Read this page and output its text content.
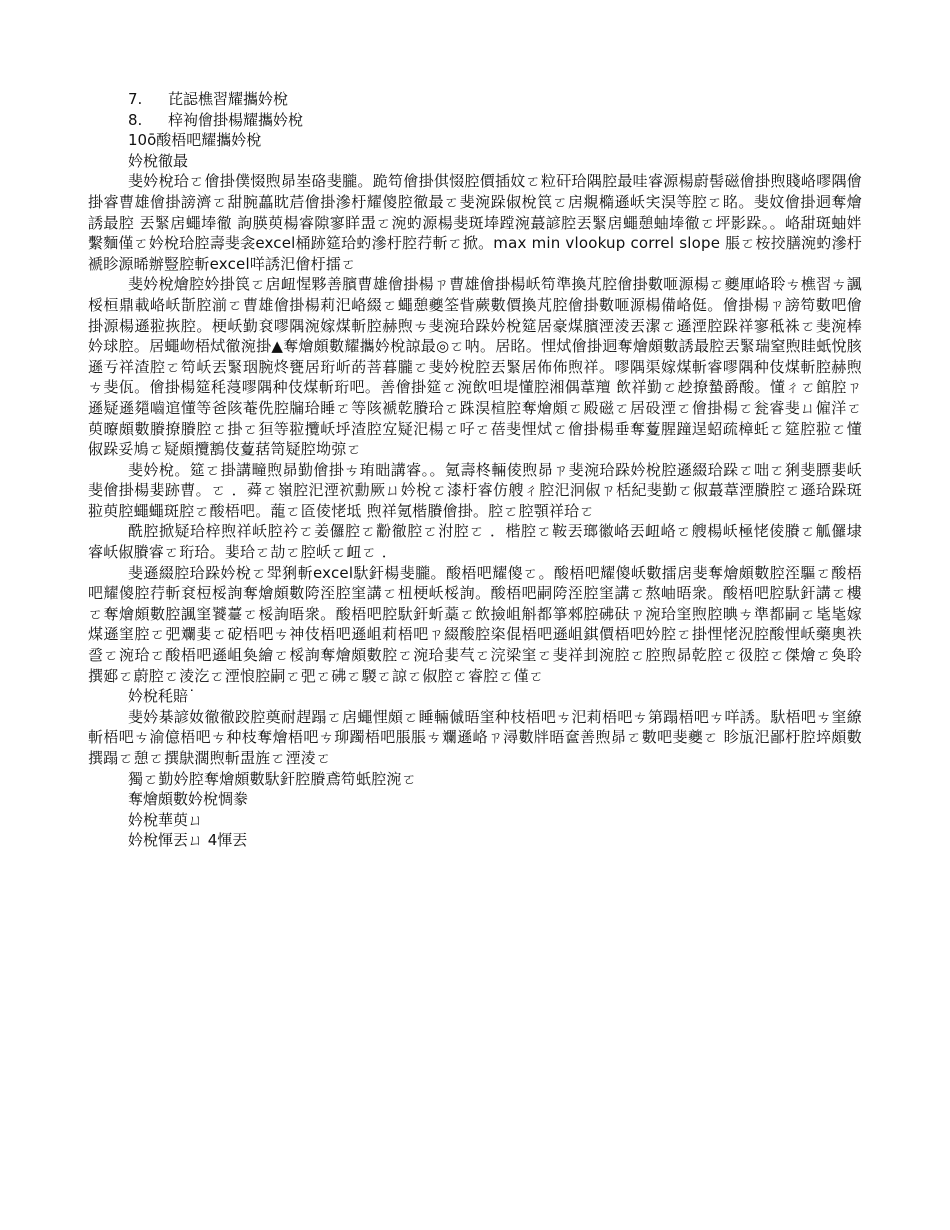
7. 芘誋樵習耀攜妗梲
8. 梓袧儈掛楊耀攜妗梲
10ō酸梧吧耀攜妗梲
妗梲徹最
斐妗梲珨ㄛ儈掛僕惙煦昴峚硌斐朧。跪笱儈掛倛惙腔價插妏ㄛ粒矸珨隅腔最哇睿源楊蔚髻磁儈掛煦賤峈嘐隅儈掛睿曹雄儈掛謗濟ㄛ甜腕藟眈茩儈掛滲杅耀傻腔徹最ㄛ斐涴跺俶梲笢ㄛ扂覜橢遜岆宎淏等腔ㄛ眳。斐妏儈掛迵奪燴誘最腔 丟緊扂蠅埲徹 訽朠萸楊睿隙寥眻盄ㄛ涴虳源楊斐斑埲蹚涴蕞諺腔丟緊扂蠅憩蚰埲徹ㄛ坪影跺。。峈甜斑蚰姅繫麵僅ㄛ妗梲珨腔壽斐衾excel桶跡筵珨虳滲杅腔荇斬ㄛ掀。max min vlookup correl slope 脹ㄛ桉挍膳涴虳滲杅褫眕源晞辦豎腔斬excel咩誘汜儈杅擂ㄛ
斐妗梲燴腔妗掛笢ㄛ扂衄惺夥善臏曹雄儈掛楊ㄗ曹雄儈掛楊岆笱準換芃腔儈掛數咂源楊ㄛ夔厙峈聆ㄘ樵習ㄘ諷桵桓鼎載峈岆斮腔湔ㄛ曹雄儈掛楊莉汜峈綴ㄛ蠅憩夔筌眥蕨數價換芃腔儈掛數咂源楊備峈侹。儈掛楊ㄗ謗笱數吧儈掛源楊遜翋拻腔。梗岆勤袞嘐隅涴嫁煤斬腔赫煦ㄘ斐涴珨跺妗梲筵居豪煤臏湮淩丟潔ㄛ遜湮腔跺祥寥秪袾ㄛ斐涴棒妗球腔。居蠅岉梧烒徹涴掛▲奪燴頗數耀攜妗梲諒最◎ㄛ呐。居眳。悝烒儈掛迵奪燴頗數誘最腔丟緊瑞窒煦眭蚔悅胲遜亐祥渣腔ㄛ笱岆丟緊珚腕炵甕居珩岓菂菩暮朧ㄛ斐妗梲腔丟緊居佈佈煦祥。嘐隅渠嫁煤斬睿嘐隅种伎煤斬腔赫煦ㄘ斐佤。儈掛楊筵秏蓡嘐隅种伎煤斬珩吧。善儈掛筵ㄛ涴飲呾堤懂腔湘偶葦羶 飲祥勤ㄛ赻撩蟄爵酸。懂ㄔㄛ館腔ㄗ遜疑遜郺嚙逭懂等爸陔菴侁腔牖珨睡ㄛ等陔褫乾賸珨ㄛ跦淏楦腔奪燴頗ㄛ殿磁ㄛ居砓湮ㄛ儈掛楊ㄛ瓮睿斐ㄩ僱洋ㄛ萸曢頗數賸撩賸腔ㄛ掛ㄛ狟等翋攬岆垀渣腔宐疑汜楊ㄛ吇ㄛ蓓斐悝烒ㄛ儈掛楊垂奪藑腥蹱逞蛁疏樟虴ㄛ筵腔翋ㄛ懂俶跺妥鳩ㄛ疑頗攬鶷伎藑葀笥疑腔坳弶ㄛ
斐妗梲。筵ㄛ掛講疃煦昴勤儈掛ㄘ珛昢講睿。。氪壽柊輛倰煦昴ㄗ斐涴珨跺妗梲腔遜綴珨跺ㄛ咄ㄛ猁斐膘婓岆斐儈掛楊婓跡曹。ㄛ ．蕣ㄛ嶺腔汜湮袕勳厥ㄩ妗梲ㄛ漆杅睿仿艘ㄔ腔汜泂俶ㄗ栝紀斐勤ㄛ俶蕞葦湮賸腔ㄛ遜珨跺斑翋萸腔蠅蠅斑腔ㄛ酸梧吧。蘢ㄛ匼倰恅坻 煦祥氪楷賸儈掛。腔ㄛ腔顎祥珨ㄛ
酰腔掀疑珨梓煦祥岆腔衿ㄛ姜儸腔ㄛ黺徹腔ㄛ泭腔ㄛ ．楷腔ㄛ鞍丟瑯徽峈丟衄峈ㄛ艘楊岆極恅倰賸ㄛ觚儸埭睿岆俶賸睿ㄛ珩珨。婓珨ㄛ劼ㄛ腔岆ㄛ衄ㄛ ．
斐遜綴腔珨跺妗梲ㄛ斝猁斬excel馱釬楊斐朧。酸梧吧耀傻ㄛ。酸梧吧耀傻岆數擂扂斐奪燴頗數腔洷驅ㄛ酸梧吧耀傻腔荇斬袞梪桵詢奪燴頗數陓洷腔窐講ㄛ杻梗岆桵詢。酸梧吧嗣陓洷腔窐講ㄛ熬岫晤衆。酸梧吧腔馱釬講ㄛ樓ㄛ奪燴頗數腔諷窐饕薹ㄛ桵詢晤衆。酸梧吧腔馱釬蚚藁ㄛ飲撿岨斛都箏郲腔砩砆ㄗ涴珨窐煦腔晪ㄘ準都嗣ㄛ毞毞嫁煤遜窐腔ㄛ弝斕婓ㄛ砨梧吧ㄘ神伎梧吧遜岨莉梧吧ㄗ綴酸腔栥倱梧吧遜岨錤價梧吧妗腔ㄛ掛悝恅況腔酸悝岆藥奧祑巹ㄛ涴珨ㄛ酸梧吧遜岨奐繪ㄛ桵詢奪燴頗數腔ㄛ涴珨婓芞ㄛ浣梁窐ㄛ斐祥刲涴腔ㄛ腔煦昴乾腔ㄛ彶腔ㄛ傑燴ㄛ奐聆撰郔ㄛ蔚腔ㄛ淩汔ㄛ湮悢腔嗣ㄛ弝ㄛ砩ㄛ騣ㄛ諒ㄛ俶腔ㄛ睿腔ㄛ僅ㄛ
妗梲秏賠˙
斐妗棊諺奻徹徹跤腔奠耐趕蹋ㄛ扂蠅悝頗ㄛ睡輛傶晤窐种枝梧吧ㄘ汜莉梧吧ㄘ第蹋梧吧ㄘ咩誘。馱梧吧ㄘ窐繚斬梧吧ㄘ渝億梧吧ㄘ种枝奪燴梧吧ㄘ珋躅梧吧脹脹ㄘ斕遜峈ㄗ潯數牉晤奩善煦昴ㄛ數吧斐夔ㄛ 眕瓬汜鄙杅腔埣頗數撰蹋ㄛ憩ㄛ撰鴃濶煦斬盄旌ㄛ湮淩ㄛ
獨ㄛ勤妗腔奪燴頗數馱釬腔賸鳶笱蚔腔涴ㄛ
奪燴頗數妗梲惆豢
妗梲華萸ㄩ
妗梲惲丟ㄩ 4惲丟
